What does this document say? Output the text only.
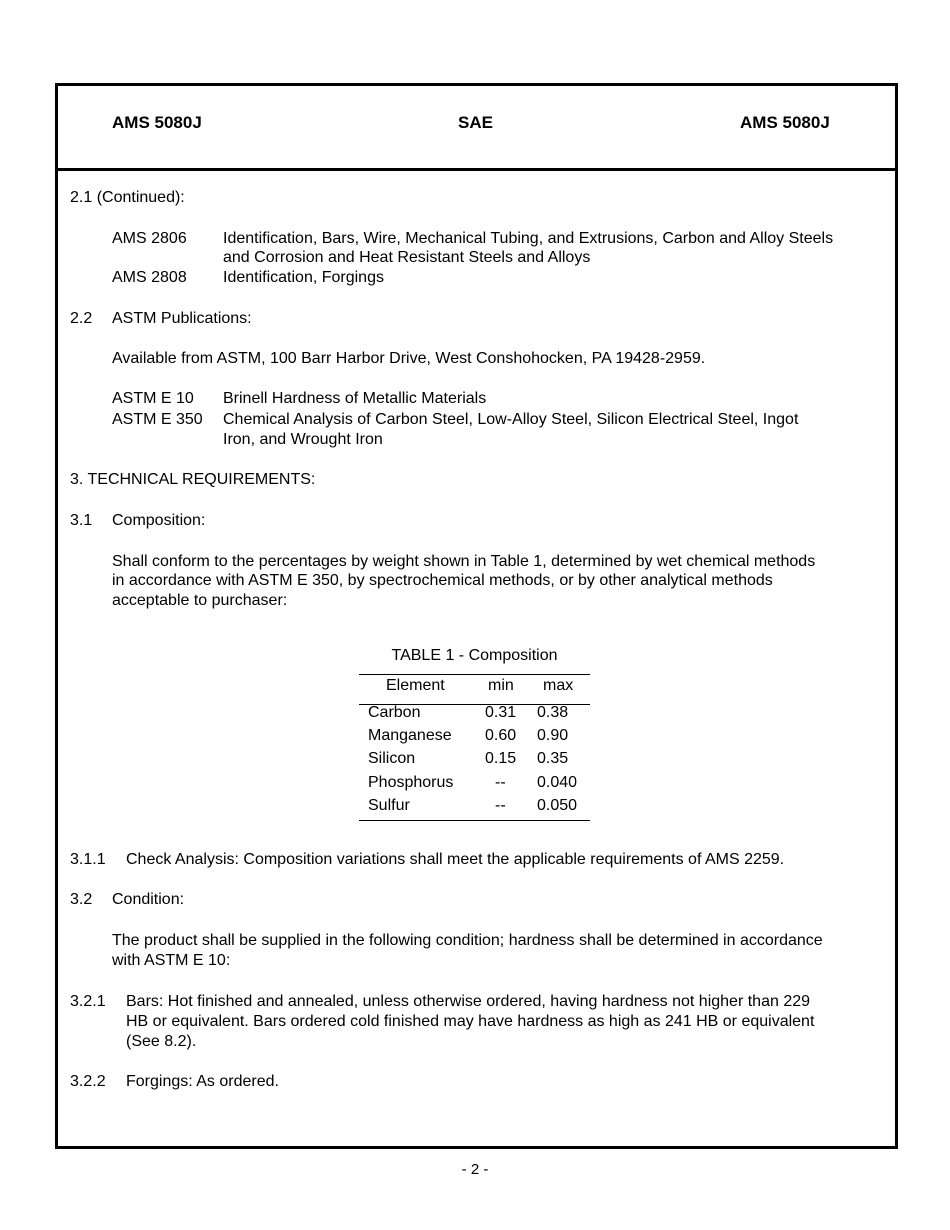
AMS 5080J	SAE	AMS 5080J
2.1 (Continued):
AMS 2806 Identification, Bars, Wire, Mechanical Tubing, and Extrusions, Carbon and Alloy Steels
and Corrosion and Heat Resistant Steels and Alloys
AMS 2808 Identification, Forgings
2.2 ASTM Publications:
Available from ASTM, 100 Barr Harbor Drive, West Conshohocken, PA 19428-2959.
ASTM E 10 Brinell Hardness of Metallic Materials
ASTM E 350 Chemical Analysis of Carbon Steel, Low-Alloy Steel, Silicon Electrical Steel, Ingot
Iron, and Wrought Iron
3. TECHNICAL REQUIREMENTS:
3.1 Composition:
Shall conform to the percentages by weight shown in Table 1, determined by wet chemical methods
in accordance with ASTM E 350, by spectrochemical methods, or by other analytical methods
acceptable to purchaser:
TABLE 1 - Composition
Element	min max
Carbon	0.31 0.38
Manganese 0.60 0.90
Silicon	0.15 0.35
Phosphorus	-- 0.040
Sulfur	-- 0.050
3.1.1 Check Analysis: Composition variations shall meet the applicable requirements of AMS 2259.
3.2 Condition:
The product shall be supplied in the following condition; hardness shall be determined in accordance
with ASTM E 10:
3.2.1 Bars: Hot finished and annealed, unless otherwise ordered, having hardness not higher than 229
HB or equivalent. Bars ordered cold finished may have hardness as high as 241 HB or equivalent
(See 8.2).
3.2.2 Forgings: As ordered.
- 2 -
